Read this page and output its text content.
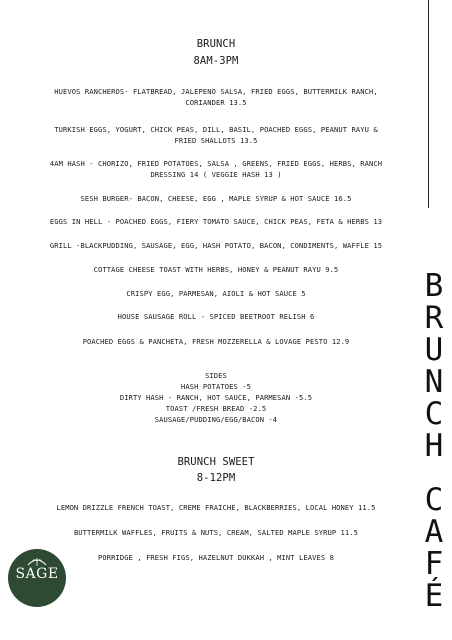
BRUNCH
8AM-3PM
HUEVOS RANCHEROS- FLATBREAD, JALEPENO SALSA, FRIED EGGS, BUTTERMILK RANCH,
CORIANDER 13.5
TURKISH EGGS, YOGURT, CHICK PEAS, DILL, BASIL, POACHED EGGS, PEANUT RAYU &
FRIED SHALLOTS 13.5
4AM HASH - CHORIZO, FRIED POTATOES, SALSA , GREENS, FRIED EGGS, HERBS, RANCH
DRESSING 14 ( VEGGIE HASH 13 )
SESH BURGER- BACON, CHEESE, EGG , MAPLE SYRUP & HOT SAUCE 16.5
EGGS IN HELL - POACHED EGGS, FIERY TOMATO SAUCE, CHICK PEAS, FETA & HERBS 13
GRILL -BLACKPUDDING, SAUSAGE, EGG, HASH POTATO, BACON, CONDIMENTS, WAFFLE 15
COTTAGE CHEESE TOAST WITH HERBS, HONEY & PEANUT RAYU 9.5
CRISPY EGG, PARMESAN, AIOLI & HOT SAUCE 5
HOUSE SAUSAGE ROLL - SPICED BEETROOT RELISH 6
POACHED EGGS & PANCHETA, FRESH MOZZERELLA & LOVAGE PESTO 12.9
SIDES
HASH POTATOES -5
DIRTY HASH - RANCH, HOT SAUCE, PARMESAN -5.5
TOAST /FRESH BREAD -2.5
SAUSAGE/PUDDING/EGG/BACON -4
BRUNCH SWEET
8-12PM
LEMON DRIZZLE FRENCH TOAST, CREME FRAICHE, BLACKBERRIES, LOCAL HONEY 11.5
BUTTERMILK WAFFLES, FRUITS & NUTS, CREAM, SALTED MAPLE SYRUP 11.5
PORRIDGE , FRESH FIGS, HAZELNUT DUKKAH , MINT LEAVES 8
B
R
U
N
C
H
C
A
F
É
SAGE
